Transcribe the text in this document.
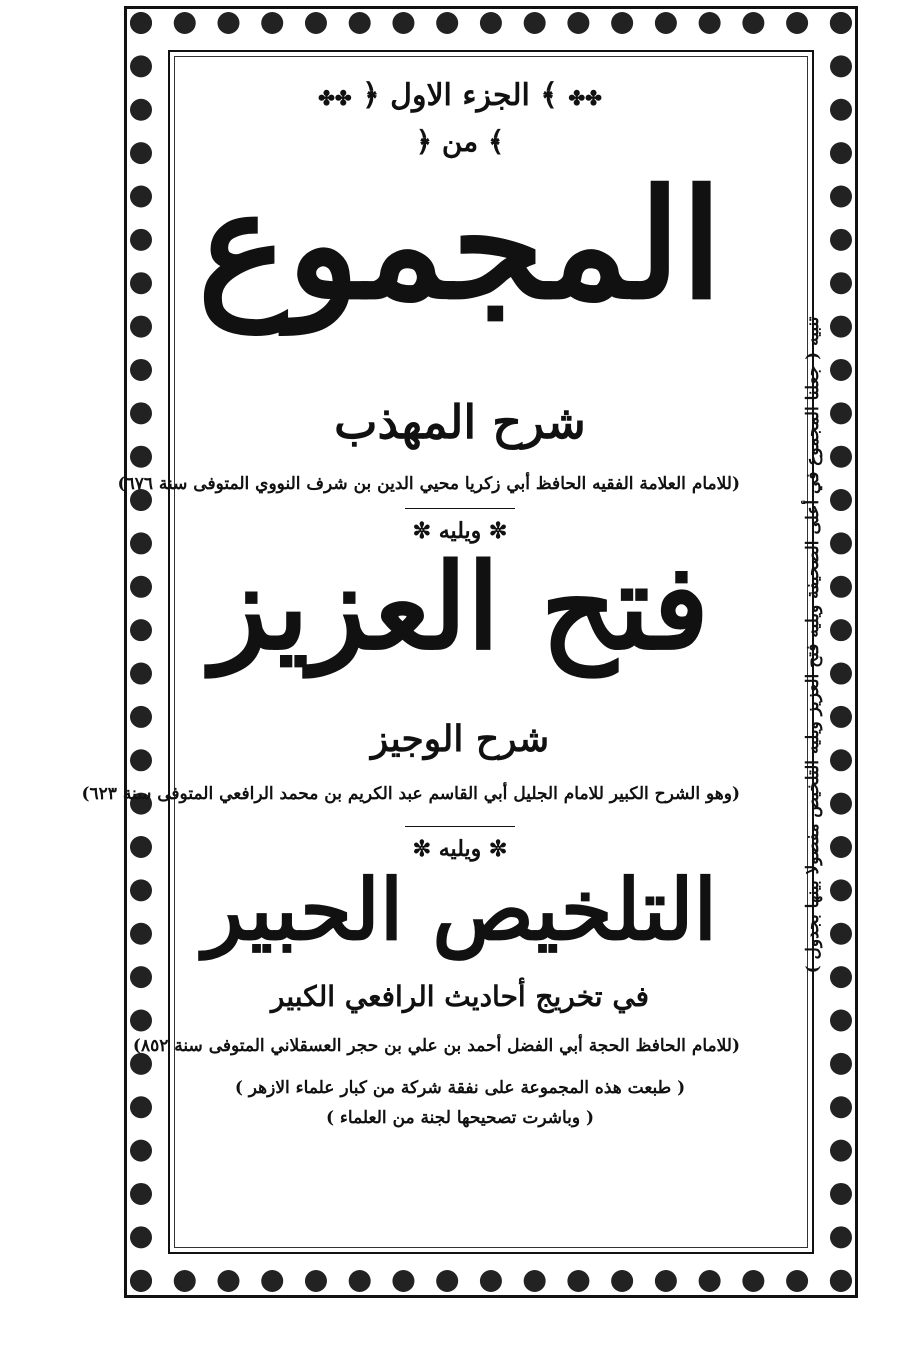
✤✤ ﴾ الجزء الاول ﴿ ✤✤
﴾ من ﴿
المجموع
شرح المهذب
(للامام العلامة الفقيه الحافظ أبي زكريا محيي الدين بن شرف النووي المتوفى سنة ٦٧٦)
✼ ويليه ✼
فتح العزيز
شرح الوجيز
(وهو الشرح الكبير للامام الجليل أبي القاسم عبد الكريم بن محمد الرافعي المتوفى سنة ٦٢٣)
✼ ويليه ✼
التلخيص الحبير
في تخريج أحاديث الرافعي الكبير
(للامام الحافظ الحجة أبي الفضل أحمد بن علي بن حجر العسقلاني المتوفى سنة ٨٥٢)
( طبعت هذه المجموعة على نفقة شركة من كبار علماء الازهر )
( وباشرت تصحيحها لجنة من العلماء )
تنبيه ( جعلنا المجموع في أعلى الصحيفة ويليه فتح العزيز ويليه التلخيص مفصولا بينها بجدول )
